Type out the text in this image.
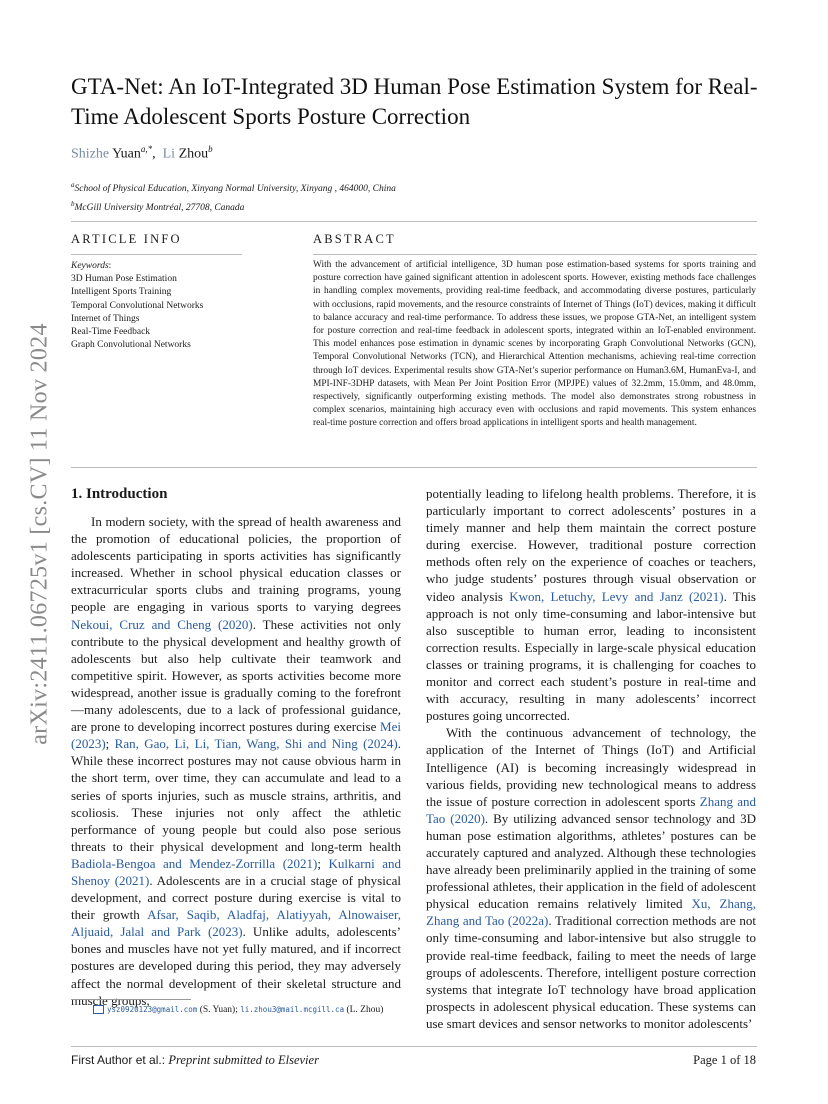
arXiv:2411.06725v1 [cs.CV] 11 Nov 2024
GTA-Net: An IoT-Integrated 3D Human Pose Estimation System for Real-Time Adolescent Sports Posture Correction
Shizhe Yuan$^{a,*}$,  Li Zhou$^b$
$^a$School of Physical Education, Xinyang Normal University, Xinyang , 464000, China
$^b$McGill University Montréal, 27708, Canada
ARTICLE INFO	ABSTRACT
Keywords:
3D Human Pose Estimation
Intelligent Sports Training
Temporal Convolutional Networks
Internet of Things
Real-Time Feedback
Graph Convolutional Networks

With the advancement of artificial intelligence, 3D human pose estimation-based systems for sports training and posture correction have gained significant attention in adolescent sports. However, existing methods face challenges in handling complex movements, providing real-time feedback, and accommodating diverse postures, particularly with occlusions, rapid movements, and the resource constraints of Internet of Things (IoT) devices, making it difficult to balance accuracy and real-time performance. To address these issues, we propose GTA-Net, an intelligent system for posture correction and real-time feedback in adolescent sports, integrated within an IoT-enabled environment. This model enhances pose estimation in dynamic scenes by incorporating Graph Convolutional Networks (GCN), Temporal Convolutional Networks (TCN), and Hierarchical Attention mechanisms, achieving real-time correction through IoT devices. Experimental results show GTA-Net’s superior performance on Human3.6M, HumanEva-I, and MPI-INF-3DHP datasets, with Mean Per Joint Position Error (MPJPE) values of 32.2mm, 15.0mm, and 48.0mm, respectively, significantly outperforming existing methods. The model also demonstrates strong robustness in complex scenarios, maintaining high accuracy even with occlusions and rapid movements. This system enhances real-time posture correction and offers broad applications in intelligent sports and health management.

1. Introduction

In modern society, with the spread of health awareness and the promotion of educational policies, the proportion of adolescents participating in sports activities has significantly increased. Whether in school physical education classes or extracurricular sports clubs and training programs, young people are engaging in various sports to varying degrees Nekoui, Cruz and Cheng (2020). These activities not only contribute to the physical development and healthy growth of adolescents but also help cultivate their teamwork and competitive spirit. However, as sports activities become more widespread, another issue is gradually coming to the forefront—many adolescents, due to a lack of professional guidance, are prone to developing incorrect postures during exercise Mei (2023); Ran, Gao, Li, Li, Tian, Wang, Shi and Ning (2024). While these incorrect postures may not cause obvious harm in the short term, over time, they can accumulate and lead to a series of sports injuries, such as muscle strains, arthritis, and scoliosis. These injuries not only affect the athletic performance of young people but could also pose serious threats to their physical development and long-term health Badiola-Bengoa and Mendez-Zorrilla (2021); Kulkarni and Shenoy (2021). Adolescents are in a crucial stage of physical development, and correct posture during exercise is vital to their growth Afsar, Saqib, Aladfaj, Alatiyyah, Alnowaiser, Aljuaid, Jalal and Park (2023). Unlike adults, adolescents’ bones and muscles have not yet fully matured, and if incorrect postures are developed during this period, they may adversely affect the normal development of their skeletal structure and muscle groups,

potentially leading to lifelong health problems. Therefore, it is particularly important to correct adolescents’ postures in a timely manner and help them maintain the correct posture during exercise. However, traditional posture correction methods often rely on the experience of coaches or teachers, who judge students’ postures through visual observation or video analysis Kwon, Letuchy, Levy and Janz (2021). This approach is not only time-consuming and labor-intensive but also susceptible to human error, leading to inconsistent correction results. Especially in large-scale physical education classes or training programs, it is challenging for coaches to monitor and correct each student’s posture in real-time and with accuracy, resulting in many adolescents’ incorrect postures going uncorrected.

With the continuous advancement of technology, the application of the Internet of Things (IoT) and Artificial Intelligence (AI) is becoming increasingly widespread in various fields, providing new technological means to address the issue of posture correction in adolescent sports Zhang and Tao (2020). By utilizing advanced sensor technology and 3D human pose estimation algorithms, athletes’ postures can be accurately captured and analyzed. Although these technologies have already been preliminarily applied in the training of some professional athletes, their application in the field of adolescent physical education remains relatively limited Xu, Zhang, Zhang and Tao (2022a). Traditional correction methods are not only time-consuming and labor-intensive but also struggle to provide real-time feedback, failing to meet the needs of large groups of adolescents. Therefore, intelligent posture correction systems that integrate IoT technology have broad application prospects in adolescent physical education. These systems can use smart devices and sensor networks to monitor adolescents’

ysz0920123@gmail.com (S. Yuan); li.zhou3@mail.mcgill.ca (L. Zhou)
First Author et al.: Preprint submitted to Elsevier	Page 1 of 18
